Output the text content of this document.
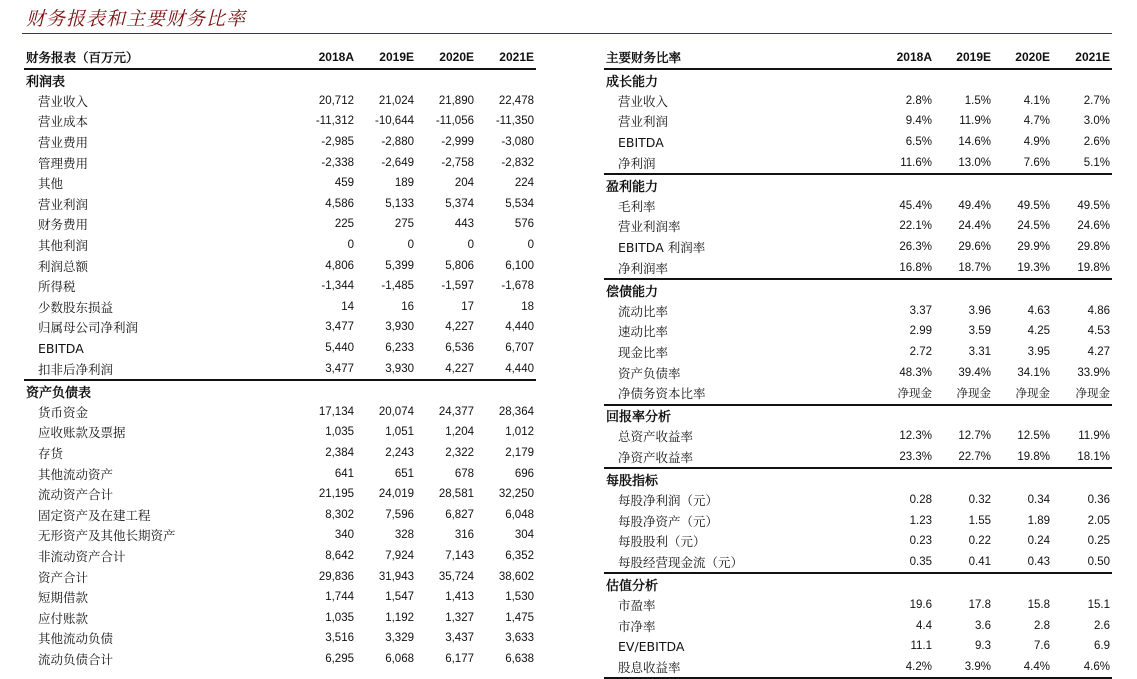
财务报表和主要财务比率
财务报表（百万元）	2018A	2019E	2020E	2021E
利润表				
营业收入	20,712	21,024	21,890	22,478
营业成本	-11,312	-10,644	-11,056	-11,350
营业费用	-2,985	-2,880	-2,999	-3,080
管理费用	-2,338	-2,649	-2,758	-2,832
其他	459	189	204	224
营业利润	4,586	5,133	5,374	5,534
财务费用	225	275	443	576
其他利润	0	0	0	0
利润总额	4,806	5,399	5,806	6,100
所得税	-1,344	-1,485	-1,597	-1,678
少数股东损益	14	16	17	18
归属母公司净利润	3,477	3,930	4,227	4,440
EBITDA	5,440	6,233	6,536	6,707
扣非后净利润	3,477	3,930	4,227	4,440
资产负债表				
货币资金	17,134	20,074	24,377	28,364
应收账款及票据	1,035	1,051	1,204	1,012
存货	2,384	2,243	2,322	2,179
其他流动资产	641	651	678	696
流动资产合计	21,195	24,019	28,581	32,250
固定资产及在建工程	8,302	7,596	6,827	6,048
无形资产及其他长期资产	340	328	316	304
非流动资产合计	8,642	7,924	7,143	6,352
资产合计	29,836	31,943	35,724	38,602
短期借款	1,744	1,547	1,413	1,530
应付账款	1,035	1,192	1,327	1,475
其他流动负债	3,516	3,329	3,437	3,633
流动负债合计	6,295	6,068	6,177	6,638
主要财务比率	2018A	2019E	2020E	2021E
成长能力				
营业收入	2.8%	1.5%	4.1%	2.7%
营业利润	9.4%	11.9%	4.7%	3.0%
EBITDA	6.5%	14.6%	4.9%	2.6%
净利润	11.6%	13.0%	7.6%	5.1%
盈利能力				
毛利率	45.4%	49.4%	49.5%	49.5%
营业利润率	22.1%	24.4%	24.5%	24.6%
EBITDA 利润率	26.3%	29.6%	29.9%	29.8%
净利润率	16.8%	18.7%	19.3%	19.8%
偿债能力				
流动比率	3.37	3.96	4.63	4.86
速动比率	2.99	3.59	4.25	4.53
现金比率	2.72	3.31	3.95	4.27
资产负债率	48.3%	39.4%	34.1%	33.9%
净债务资本比率	净现金	净现金	净现金	净现金
回报率分析				
总资产收益率	12.3%	12.7%	12.5%	11.9%
净资产收益率	23.3%	22.7%	19.8%	18.1%
每股指标				
每股净利润（元）	0.28	0.32	0.34	0.36
每股净资产（元）	1.23	1.55	1.89	2.05
每股股利（元）	0.23	0.22	0.24	0.25
每股经营现金流（元）	0.35	0.41	0.43	0.50
估值分析				
市盈率	19.6	17.8	15.8	15.1
市净率	4.4	3.6	2.8	2.6
EV/EBITDA	11.1	9.3	7.6	6.9
股息收益率	4.2%	3.9%	4.4%	4.6%
